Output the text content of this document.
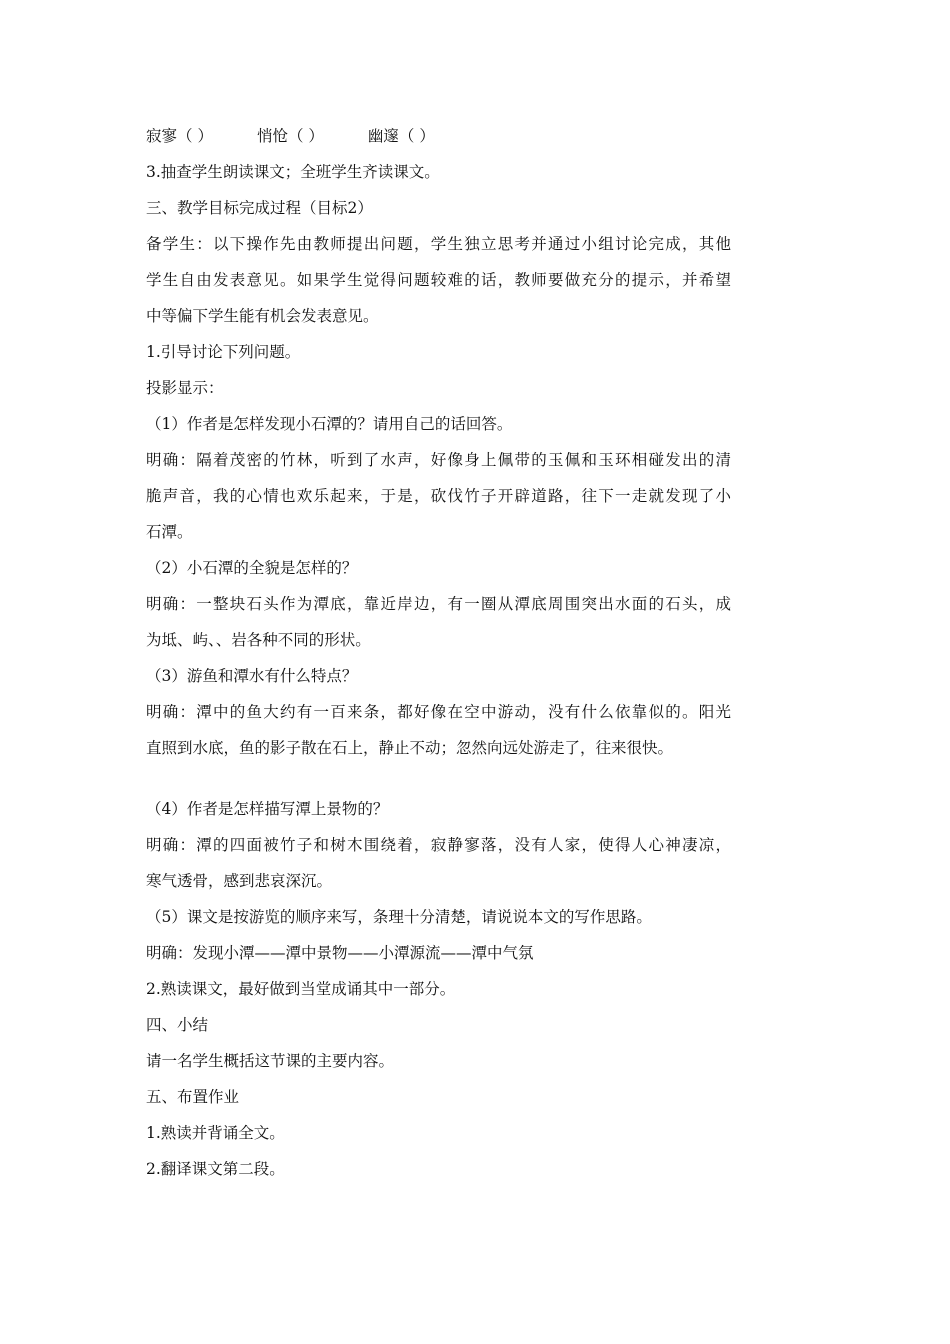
寂寥（ ）	悄怆（ ）	幽邃（ ）
3.抽查学生朗读课文；全班学生齐读课文。
三、教学目标完成过程（目标2）
备学生：以下操作先由教师提出问题，学生独立思考并通过小组讨论完成，其他
学生自由发表意见。如果学生觉得问题较难的话，教师要做充分的提示，并希望
中等偏下学生能有机会发表意见。
1.引导讨论下列问题。
投影显示：
（1）作者是怎样发现小石潭的？请用自己的话回答。
明确：隔着茂密的竹林，听到了水声，好像身上佩带的玉佩和玉环相碰发出的清
脆声音，我的心情也欢乐起来，于是，砍伐竹子开辟道路，往下一走就发现了小
石潭。
（2）小石潭的全貌是怎样的？
明确：一整块石头作为潭底，靠近岸边，有一圈从潭底周围突出水面的石头，成
为坻、屿、、岩各种不同的形状。
（3）游鱼和潭水有什么特点？
明确：潭中的鱼大约有一百来条，都好像在空中游动，没有什么依靠似的。阳光
直照到水底，鱼的影子散在石上，静止不动；忽然向远处游走了，往来很快。
（4）作者是怎样描写潭上景物的？
明确：潭的四面被竹子和树木围绕着，寂静寥落，没有人家，使得人心神凄凉，
寒气透骨，感到悲哀深沉。
（5）课文是按游览的顺序来写，条理十分清楚，请说说本文的写作思路。
明确：发现小潭——潭中景物——小潭源流——潭中气氛
2.熟读课文，最好做到当堂成诵其中一部分。
四、小结
请一名学生概括这节课的主要内容。
五、布置作业
1.熟读并背诵全文。
2.翻译课文第二段。
